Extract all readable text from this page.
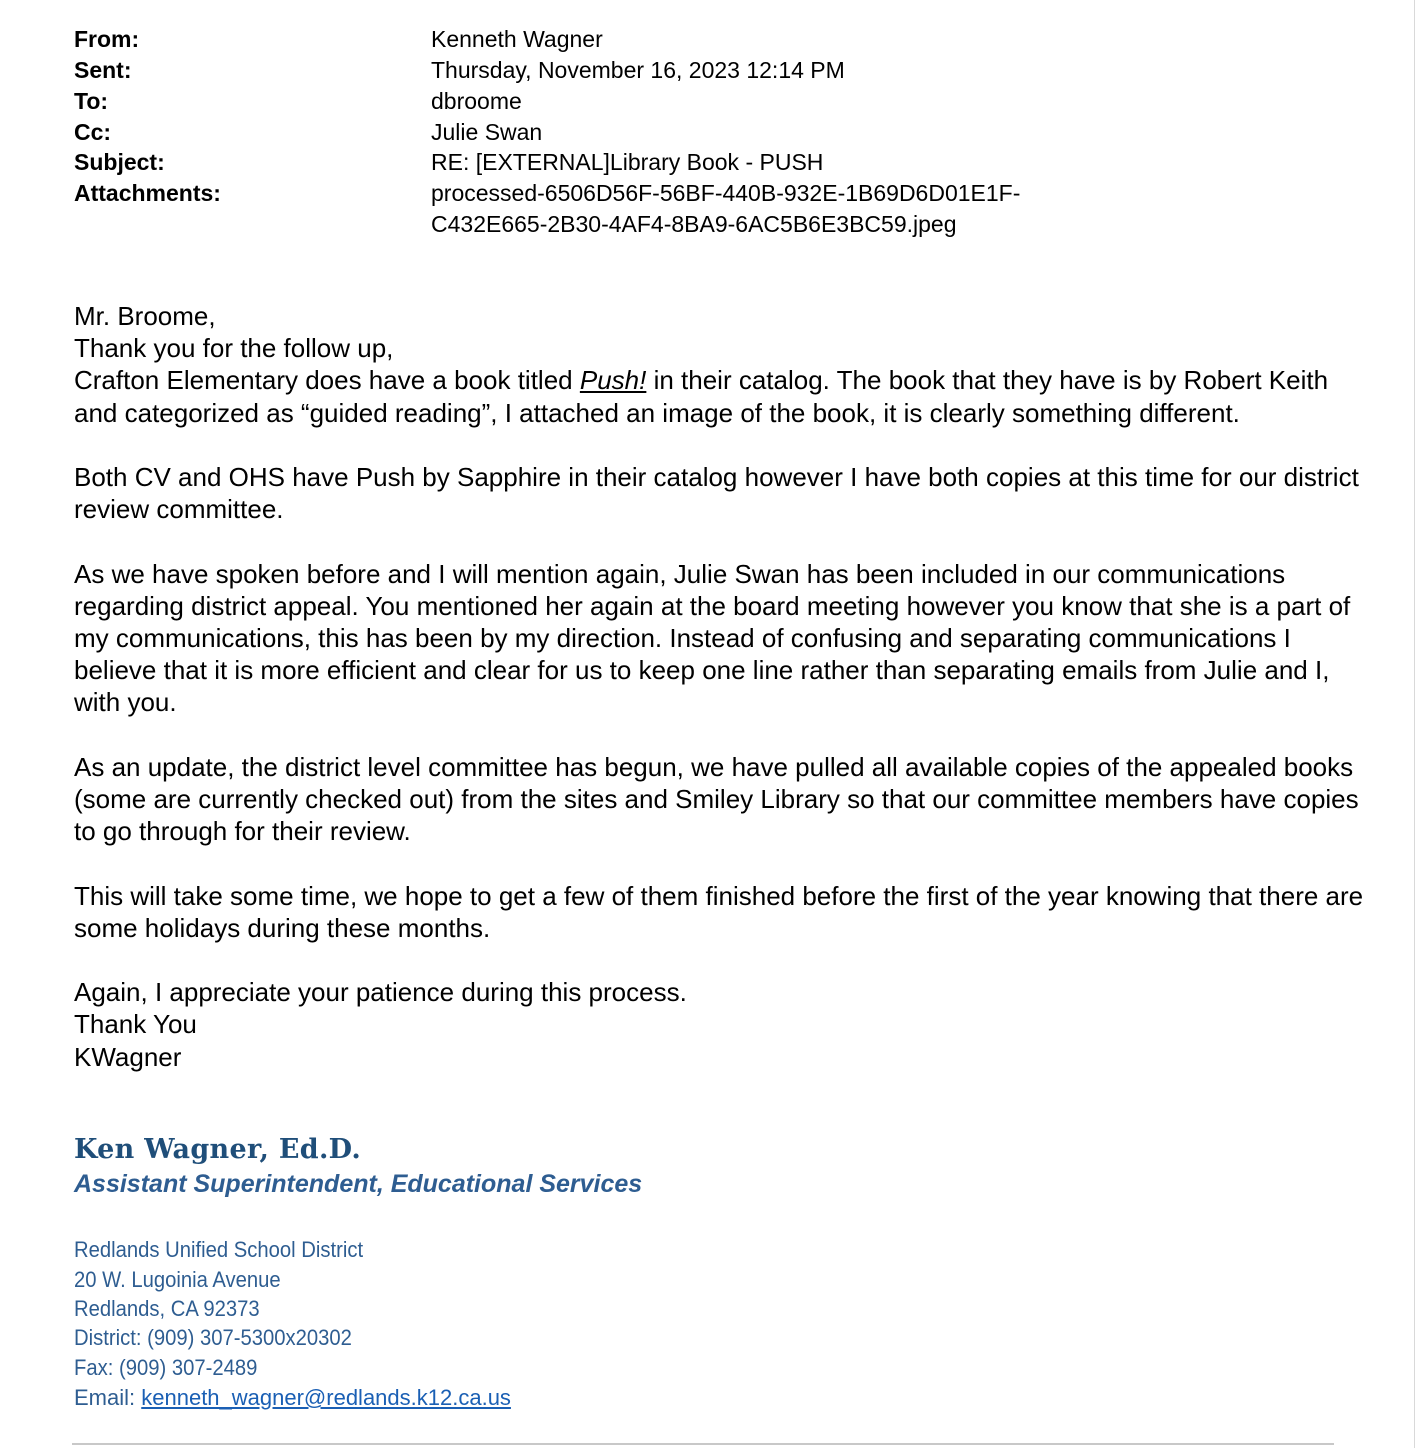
From:	Kenneth Wagner
Sent:	Thursday, November 16, 2023 12:14 PM
To:	dbroome
Cc:	Julie Swan
Subject:	RE: [EXTERNAL]Library Book - PUSH
Attachments:	processed-6506D56F-56BF-440B-932E-1B69D6D01E1F-
C432E665-2B30-4AF4-8BA9-6AC5B6E3BC59.jpeg

Mr. Broome,

Thank you for the follow up,

Crafton Elementary does have a book titled Push! in their catalog. The book that they have is by Robert Keith and categorized as “guided reading”, I attached an image of the book, it is clearly something different.

Both CV and OHS have Push by Sapphire in their catalog however I have both copies at this time for our district review committee.

As we have spoken before and I will mention again, Julie Swan has been included in our communications regarding district appeal. You mentioned her again at the board meeting however you know that she is a part of my communications, this has been by my direction. Instead of confusing and separating communications I believe that it is more efficient and clear for us to keep one line rather than separating emails from Julie and I, with you.

As an update, the district level committee has begun, we have pulled all available copies of the appealed books (some are currently checked out) from the sites and Smiley Library so that our committee members have copies to go through for their review.

This will take some time, we hope to get a few of them finished before the first of the year knowing that there are some holidays during these months.

Again, I appreciate your patience during this process.

Thank You

KWagner

Ken Wagner, Ed.D.
Assistant Superintendent, Educational Services
Redlands Unified School District
20 W. Lugoinia Avenue
Redlands, CA 92373
District: (909) 307-5300x20302
Fax: (909) 307-2489
Email: kenneth_wagner@redlands.k12.ca.us
